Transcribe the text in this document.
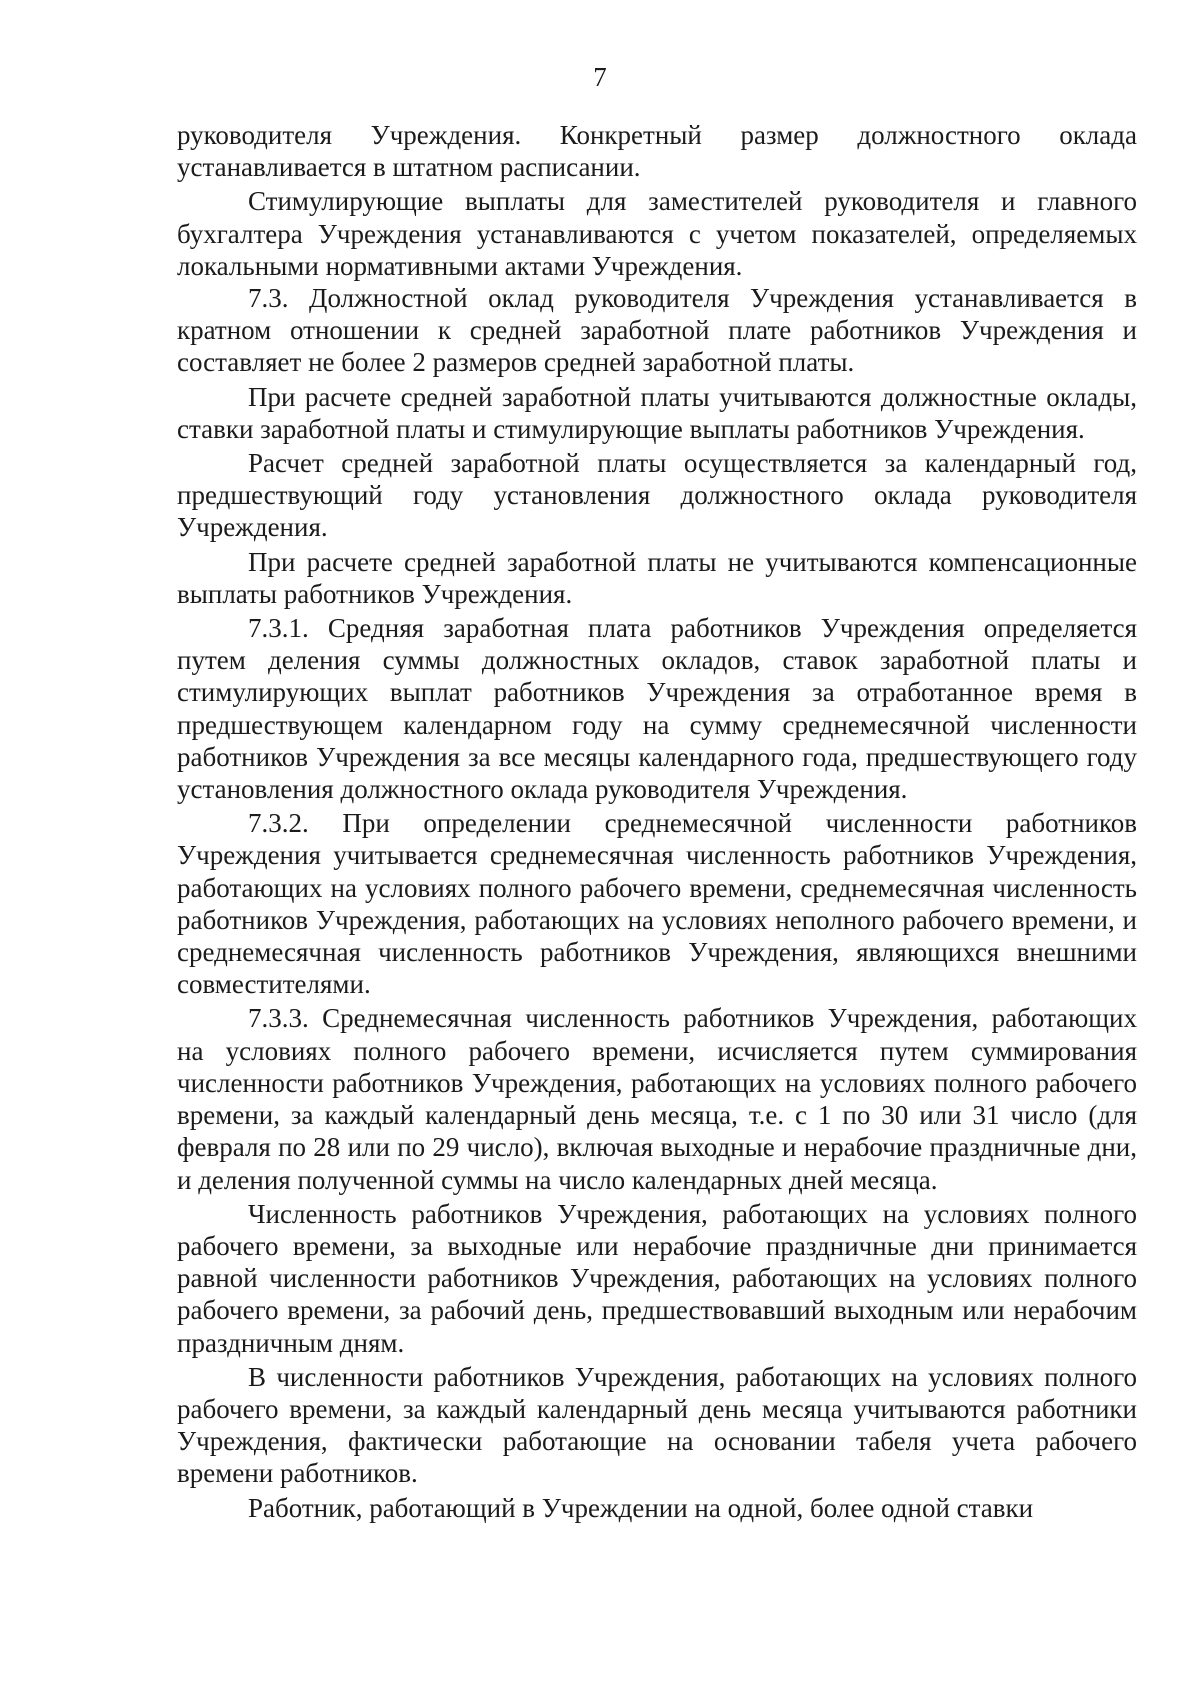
7

руководителя Учреждения. Конкретный размер должностного оклада устанавливается в штатном расписании.

Стимулирующие выплаты для заместителей руководителя и главного бухгалтера Учреждения устанавливаются с учетом показателей, определяемых локальными нормативными актами Учреждения.

7.3. Должностной оклад руководителя Учреждения устанавливается в кратном отношении к средней заработной плате работников Учреждения и составляет не более 2 размеров средней заработной платы.

При расчете средней заработной платы учитываются должностные оклады, ставки заработной платы и стимулирующие выплаты работников Учреждения.

Расчет средней заработной платы осуществляется за календарный год, предшествующий году установления должностного оклада руководителя Учреждения.

При расчете средней заработной платы не учитываются компенсационные выплаты работников Учреждения.

7.3.1. Средняя заработная плата работников Учреждения определяется путем деления суммы должностных окладов, ставок заработной платы и стимулирующих выплат работников Учреждения за отработанное время в предшествующем календарном году на сумму среднемесячной численности работников Учреждения за все месяцы календарного года, предшествующего году установления должностного оклада руководителя Учреждения.

7.3.2. При определении среднемесячной численности работников Учреждения учитывается среднемесячная численность работников Учреждения, работающих на условиях полного рабочего времени, среднемесячная численность работников Учреждения, работающих на условиях неполного рабочего времени, и среднемесячная численность работников Учреждения, являющихся внешними совместителями.

7.3.3. Среднемесячная численность работников Учреждения, работающих на условиях полного рабочего времени, исчисляется путем суммирования численности работников Учреждения, работающих на условиях полного рабочего времени, за каждый календарный день месяца, т.е. с 1 по 30 или 31 число (для февраля по 28 или по 29 число), включая выходные и нерабочие праздничные дни, и деления полученной суммы на число календарных дней месяца.

Численность работников Учреждения, работающих на условиях полного рабочего времени, за выходные или нерабочие праздничные дни принимается равной численности работников Учреждения, работающих на условиях полного рабочего времени, за рабочий день, предшествовавший выходным или нерабочим праздничным дням.

В численности работников Учреждения, работающих на условиях полного рабочего времени, за каждый календарный день месяца учитываются работники Учреждения, фактически работающие на основании табеля учета рабочего времени работников.

Работник, работающий в Учреждении на одной, более одной ставки
